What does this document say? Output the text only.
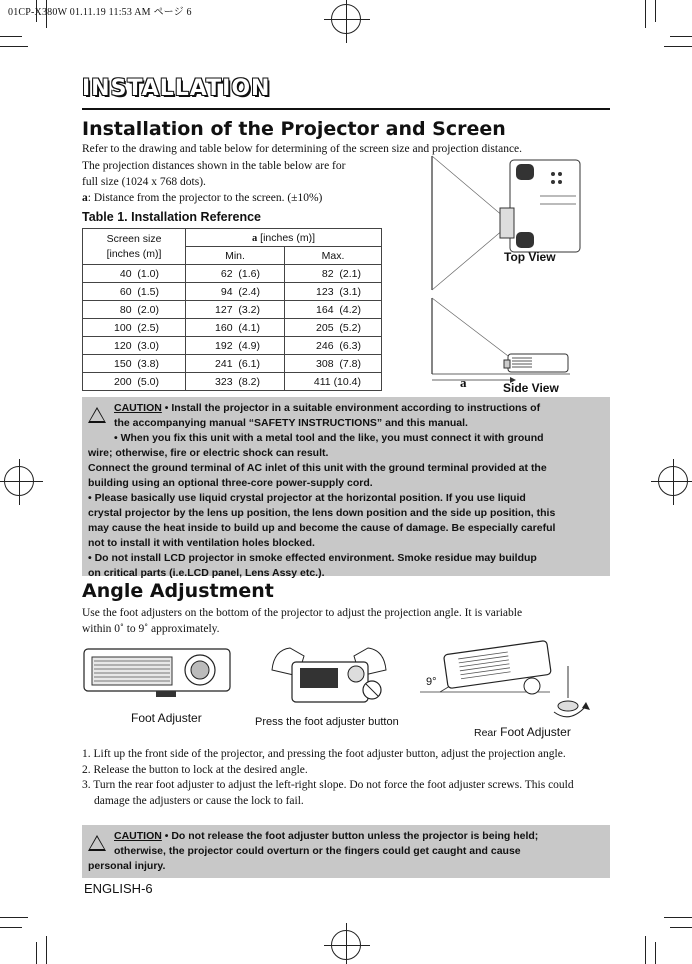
01CP-X380W 01.11.19 11:53 AM ページ 6
INSTALLATION
Installation of the Projector and Screen
Refer to the drawing and table below for determining of the screen size and projection distance.
The projection distances shown in the table below are for
full size (1024 x 768 dots).
a: Distance from the projector to the screen. (±10%)
Table 1. Installation Reference
Screen size
[inches (m)]	a [inches (m)]	
	Min.	Max.
40  (1.0)	62  (1.6)	82  (2.1)
60  (1.5)	94  (2.4)	123  (3.1)
80  (2.0)	127  (3.2)	164  (4.2)
100  (2.5)	160  (4.1)	205  (5.2)
120  (3.0)	192  (4.9)	246  (6.3)
150  (3.8)	241  (6.1)	308  (7.8)
200  (5.0)	323  (8.2)	411 (10.4)
Top View
Side View
a
CAUTION • Install the projector in a suitable environment according to instructions of
the accompanying manual “SAFETY INSTRUCTIONS” and this manual.
• When you fix this unit with a metal tool and the like, you must connect it with ground
wire; otherwise, fire or electric shock can result.
Connect the ground terminal of AC inlet of this unit with the ground terminal provided at the
building using an optional three-core power-supply cord.
• Please basically use liquid crystal projector at the horizontal position. If you use liquid
crystal projector by the lens up position, the lens down position and the side up position, this
may cause the heat inside to build up and become the cause of damage. Be especially careful
not to install it with ventilation holes blocked.
• Do not install LCD projector in smoke effected environment. Smoke residue may buildup
on critical parts (i.e.LCD panel, Lens Assy etc.).
Angle Adjustment
Use the foot adjusters on the bottom of the projector to adjust the projection angle. It is variable
within 0˚ to 9˚ approximately.
Foot Adjuster	Press the foot adjuster button
9°
Rear Foot Adjuster
1. Lift up the front side of the projector, and pressing the foot adjuster button, adjust the projection angle.
2. Release the button to lock at the desired angle.
3. Turn the rear foot adjuster to adjust the left-right slope. Do not force the foot adjuster screws. This could damage the adjusters or cause the lock to fail.
CAUTION • Do not release the foot adjuster button unless the projector is being held;
otherwise, the projector could overturn or the fingers could get caught and cause
personal injury.
ENGLISH-6
